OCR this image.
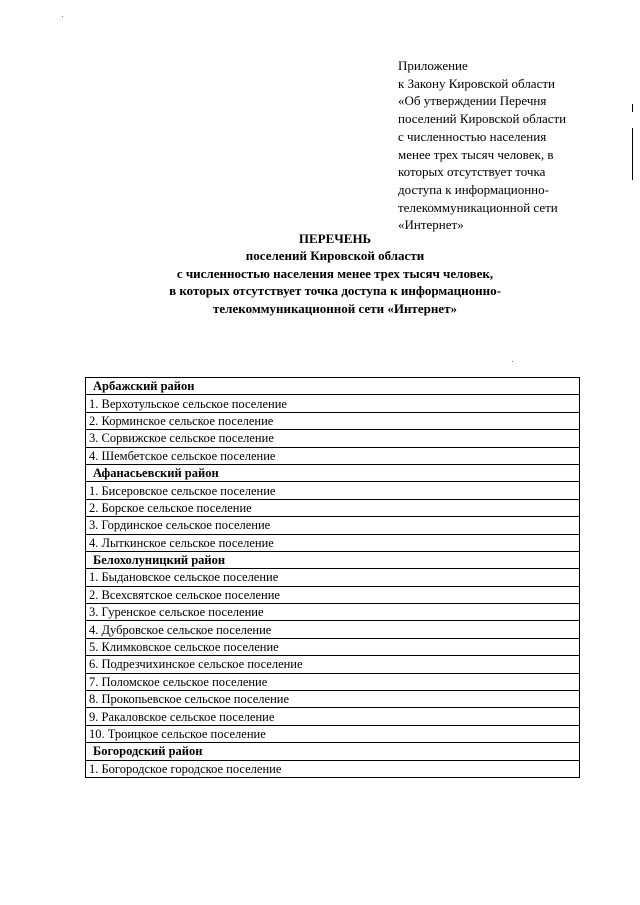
Приложение
к Закону Кировской области
«Об утверждении Перечня
поселений Кировской области
с численностью населения
менее трех тысяч человек, в
которых отсутствует точка
доступа к информационно-
телекоммуникационной сети
«Интернет»
ПЕРЕЧЕНЬ
поселений Кировской области
с численностью населения менее трех тысяч человек,
в которых отсутствует точка доступа к информационно-
телекоммуникационной сети «Интернет»
Арбажский район
1. Верхотульское сельское поселение
2. Корминское сельское поселение
3. Сорвижское сельское поселение
4. Шембетское сельское поселение
Афанасьевский район
1. Бисеровское сельское поселение
2. Борское сельское поселение
3. Гординское сельское поселение
4. Лыткинское сельское поселение
Белохолуницкий район
1. Быдановское сельское поселение
2. Всехсвятское сельское поселение
3. Гуренское сельское поселение
4. Дубровское сельское поселение
5. Климковское сельское поселение
6. Подрезчихинское сельское поселение
7. Поломское сельское поселение
8. Прокопьевское сельское поселение
9. Ракаловское сельское поселение
10. Троицкое сельское поселение
Богородский район
1. Богородское городское поселение
